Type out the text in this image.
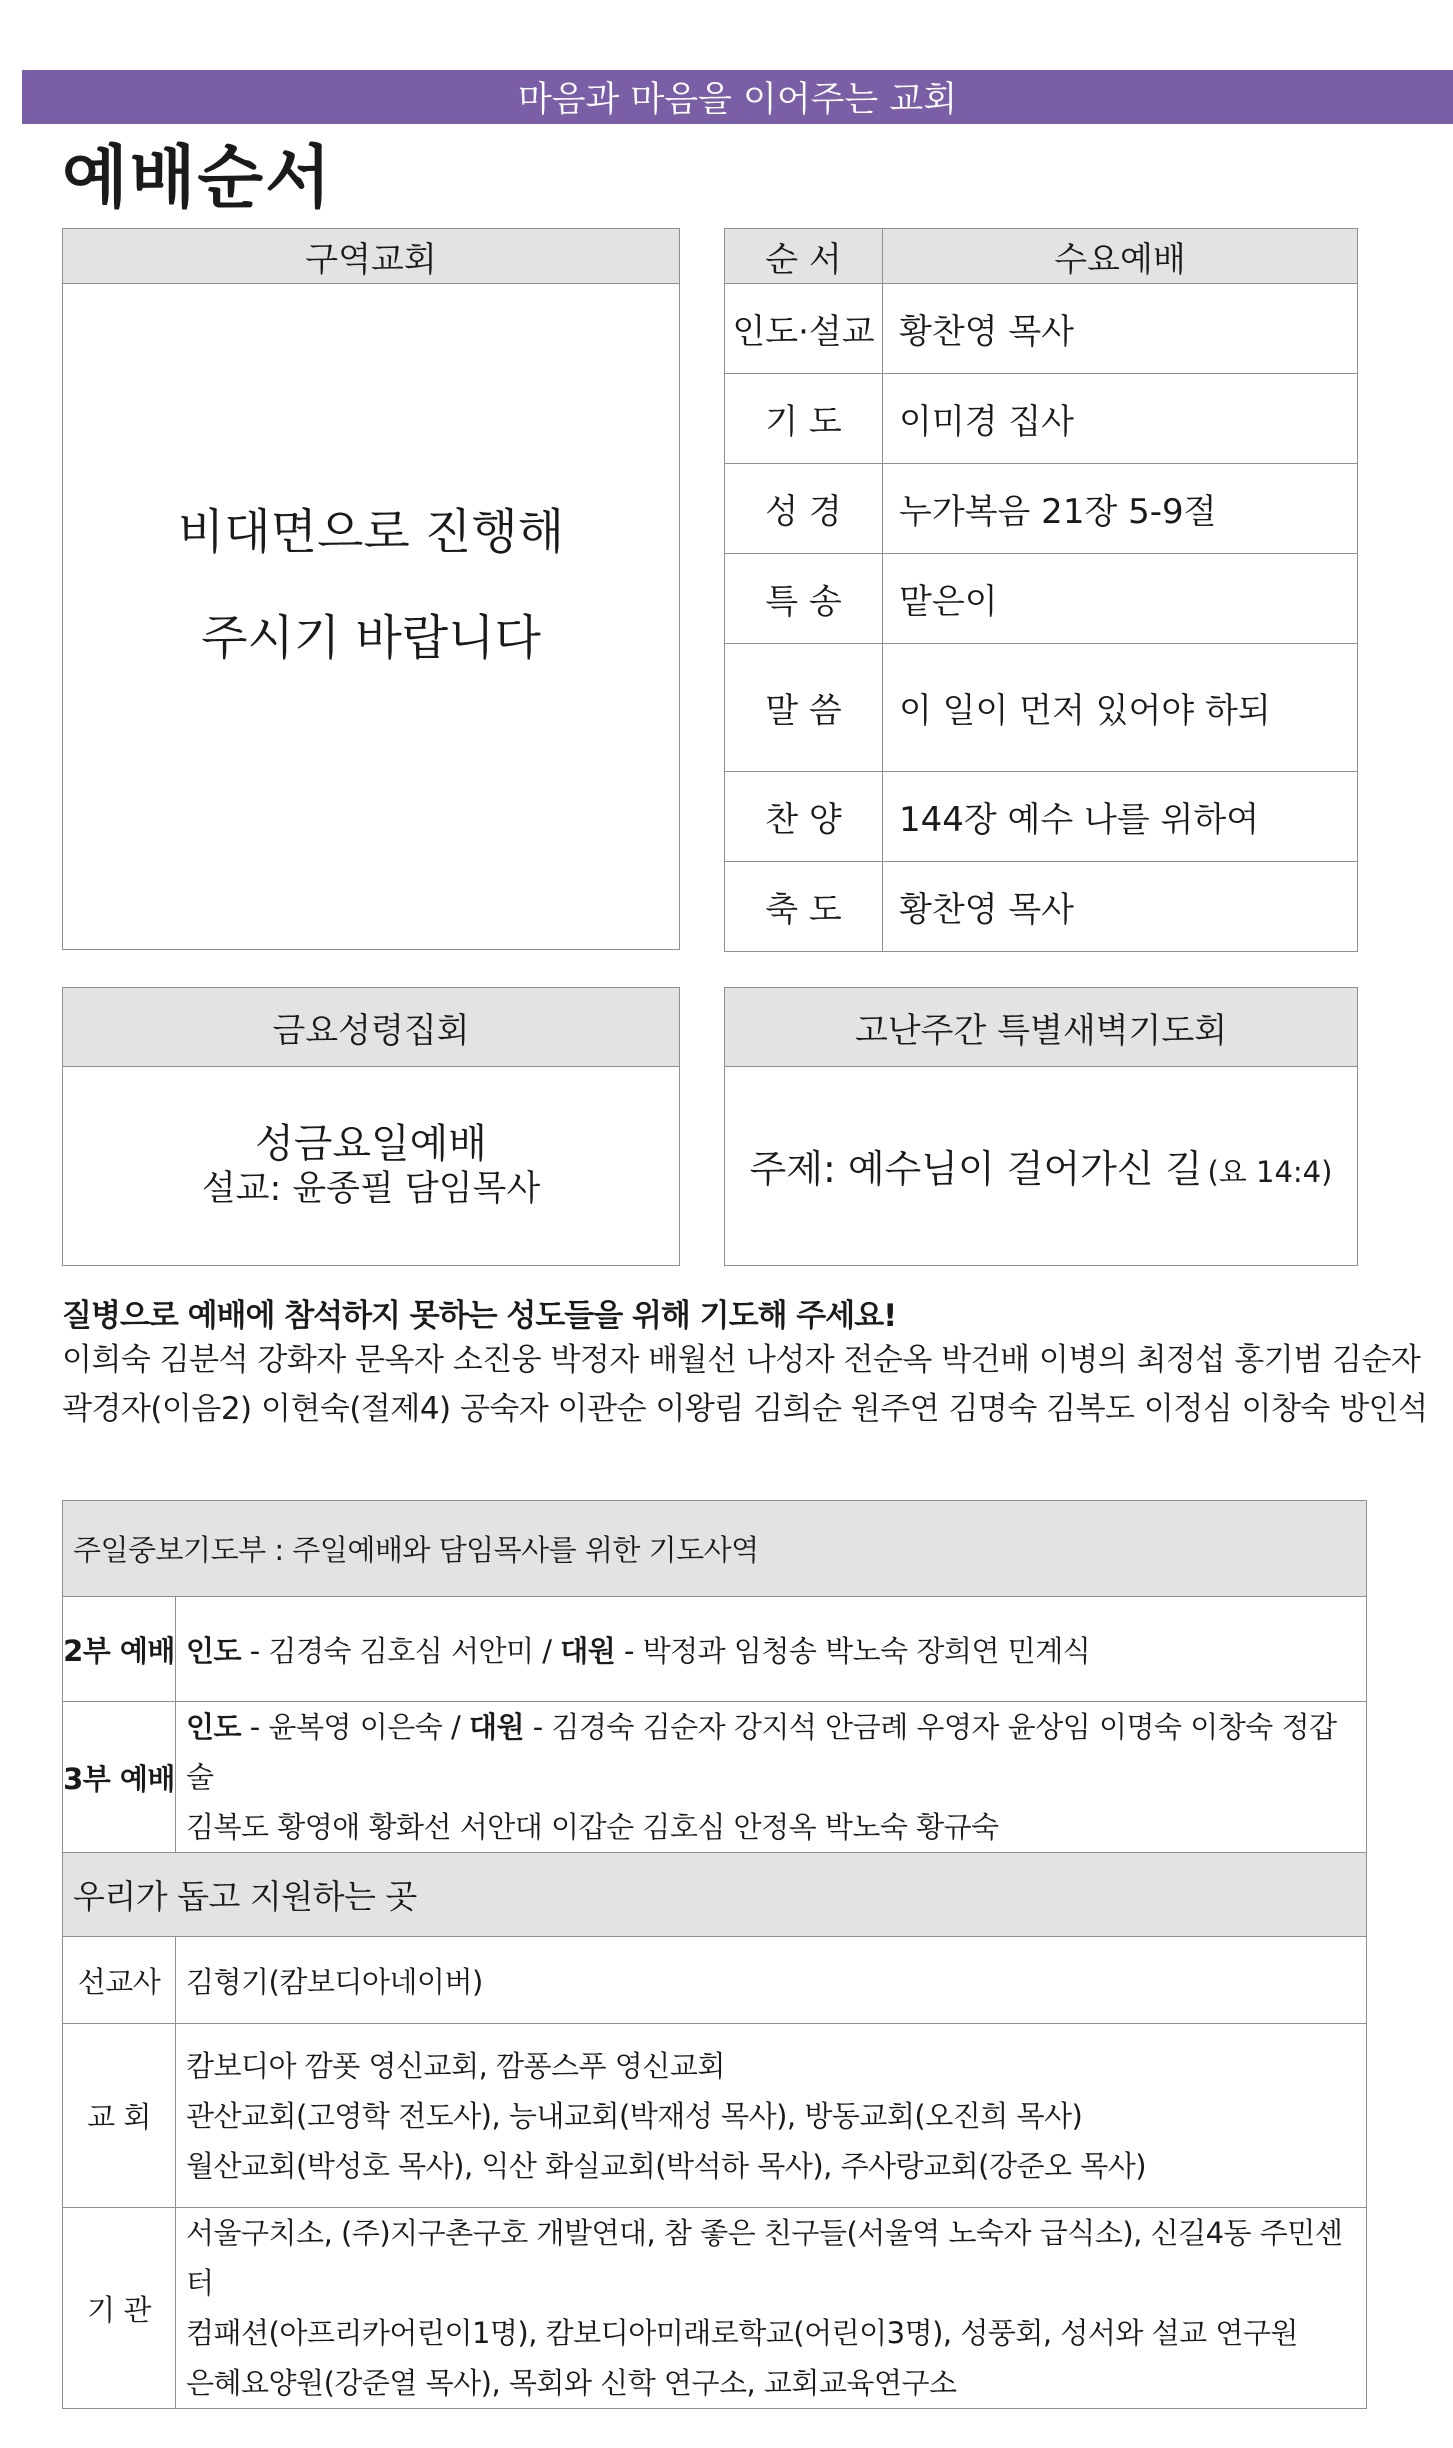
마음과 마음을 이어주는 교회
예배순서
구역교회
비대면으로 진행해
주시기 바랍니다
순 서	수요예배
인도·설교	황찬영 목사
기 도	이미경 집사
성 경	누가복음 21장 5-9절
특 송	맡은이
말 씀	이 일이 먼저 있어야 하되
찬 양	144장 예수 나를 위하여
축 도	황찬영 목사
금요성령집회
성금요일예배
설교: 윤종필 담임목사
고난주간 특별새벽기도회
주제: 예수님이 걸어가신 길 (요 14:4)
질병으로 예배에 참석하지 못하는 성도들을 위해 기도해 주세요!
이희숙 김분석 강화자 문옥자 소진웅 박정자 배월선 나성자 전순옥 박건배 이병의 최정섭 홍기범 김순자
곽경자(이음2) 이현숙(절제4) 공숙자 이관순 이왕림 김희순 원주연 김명숙 김복도 이정심 이창숙 방인석
주일중보기도부 : 주일예배와 담임목사를 위한 기도사역	
2부 예배	인도 - 김경숙 김호심 서안미 / 대원 - 박정과 임청송 박노숙 장희연 민계식
3부 예배	인도 - 윤복영 이은숙 / 대원 - 김경숙 김순자 강지석 안금례 우영자 윤상임 이명숙 이창숙 정갑술
김복도 황영애 황화선 서안대 이갑순 김호심 안정옥 박노숙 황규숙

우리가 돕고 지원하는 곳	
선교사	김형기(캄보디아네이버)
교 회	캄보디아 깜폿 영신교회, 깜퐁스푸 영신교회
관산교회(고영학 전도사), 능내교회(박재성 목사), 방동교회(오진희 목사)
월산교회(박성호 목사), 익산 화실교회(박석하 목사), 주사랑교회(강준오 목사)

기 관	서울구치소, (주)지구촌구호 개발연대, 참 좋은 친구들(서울역 노숙자 급식소), 신길4동 주민센터
컴패션(아프리카어린이1명), 캄보디아미래로학교(어린이3명), 성풍회, 성서와 설교 연구원
은혜요양원(강준열 목사), 목회와 신학 연구소, 교회교육연구소
